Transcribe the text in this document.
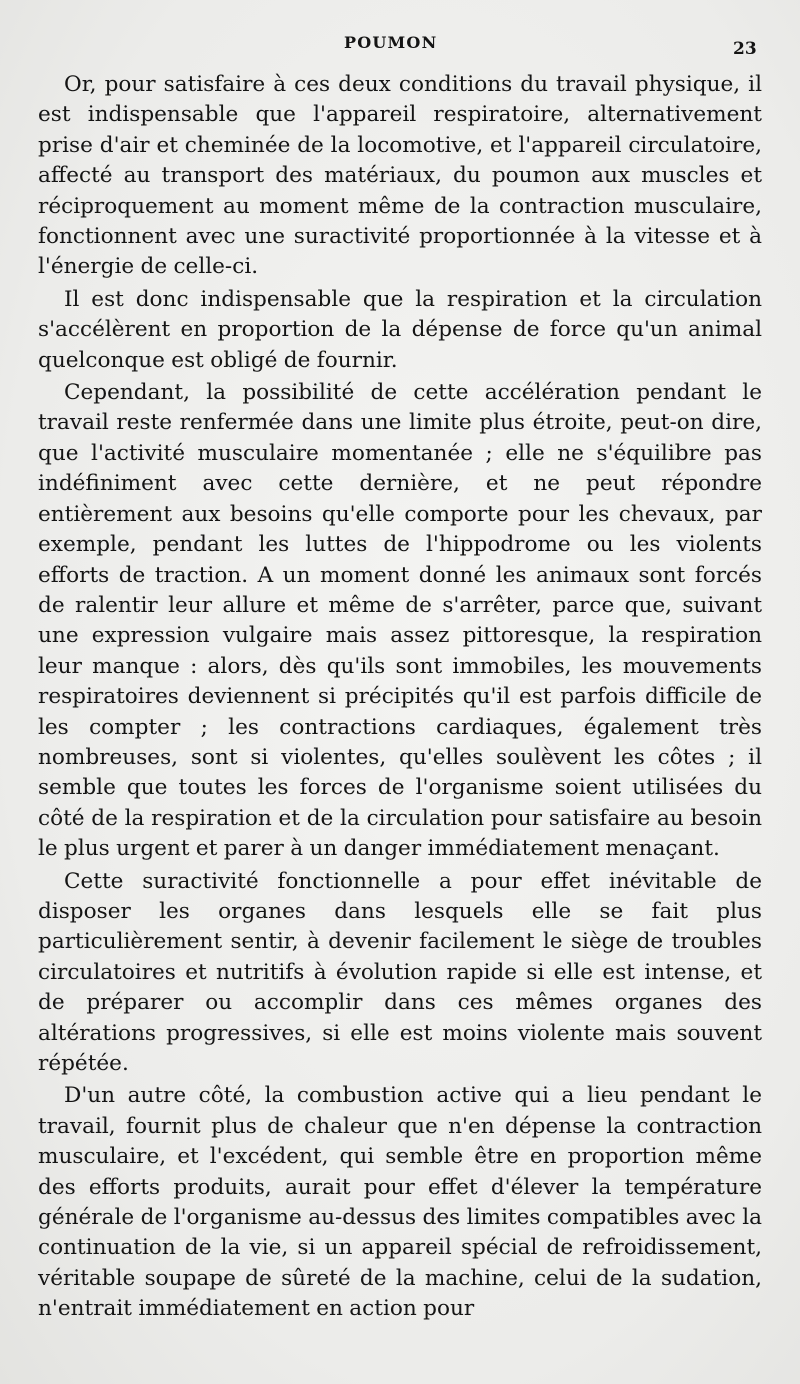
POUMON	23

Or, pour satisfaire à ces deux conditions du travail physique, il est indispensable que l'appareil respiratoire, alternativement prise d'air et cheminée de la locomotive, et l'appareil circulatoire, affecté au transport des matériaux, du poumon aux muscles et réciproquement au moment même de la contraction musculaire, fonctionnent avec une suractivité proportionnée à la vitesse et à l'énergie de celle-ci.

Il est donc indispensable que la respiration et la circulation s'accélèrent en proportion de la dépense de force qu'un animal quelconque est obligé de fournir.

Cependant, la possibilité de cette accélération pendant le travail reste renfermée dans une limite plus étroite, peut-on dire, que l'activité musculaire momentanée ; elle ne s'équilibre pas indéfiniment avec cette dernière, et ne peut répondre entièrement aux besoins qu'elle comporte pour les chevaux, par exemple, pendant les luttes de l'hippodrome ou les violents efforts de traction. A un moment donné les animaux sont forcés de ralentir leur allure et même de s'arrêter, parce que, suivant une expression vulgaire mais assez pittoresque, la respiration leur manque : alors, dès qu'ils sont immobiles, les mouvements respiratoires deviennent si précipités qu'il est parfois difficile de les compter ; les contractions cardiaques, également très nombreuses, sont si violentes, qu'elles soulèvent les côtes ; il semble que toutes les forces de l'organisme soient utilisées du côté de la respiration et de la circulation pour satisfaire au besoin le plus urgent et parer à un danger immédiatement menaçant.

Cette suractivité fonctionnelle a pour effet inévitable de disposer les organes dans lesquels elle se fait plus particulièrement sentir, à devenir facilement le siège de troubles circulatoires et nutritifs à évolution rapide si elle est intense, et de préparer ou accomplir dans ces mêmes organes des altérations progressives, si elle est moins violente mais souvent répétée.

D'un autre côté, la combustion active qui a lieu pendant le travail, fournit plus de chaleur que n'en dépense la contraction musculaire, et l'excédent, qui semble être en proportion même des efforts produits, aurait pour effet d'élever la température générale de l'organisme au-dessus des limites compatibles avec la continuation de la vie, si un appareil spécial de refroidissement, véritable soupape de sûreté de la machine, celui de la sudation, n'entrait immédiatement en action pour
